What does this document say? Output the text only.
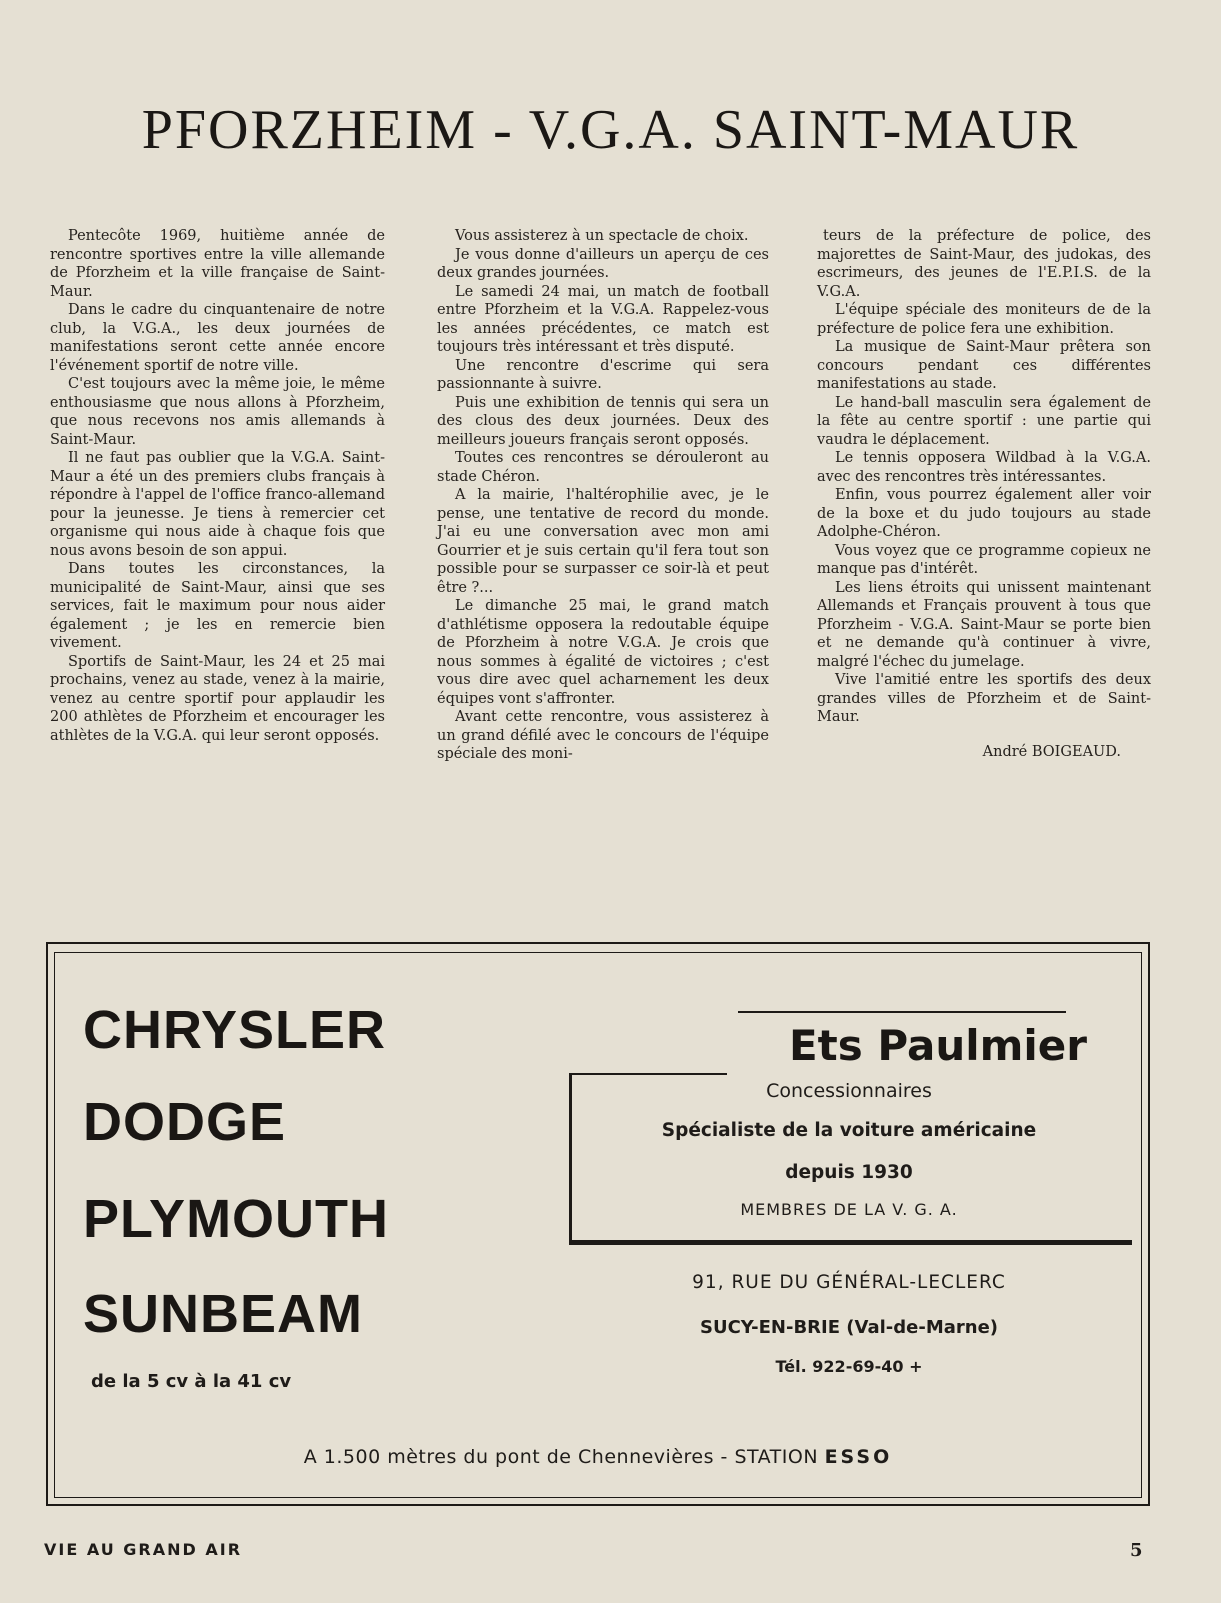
PFORZHEIM - V.G.A. SAINT-MAUR

Pentecôte 1969, huitième année de rencontre sportives entre la ville allemande de Pforzheim et la ville française de Saint-Maur.

Dans le cadre du cinquantenaire de notre club, la V.G.A., les deux journées de manifestations seront cette année encore l'événement sportif de notre ville.

C'est toujours avec la même joie, le même enthousiasme que nous allons à Pforzheim, que nous recevons nos amis allemands à Saint-Maur.

Il ne faut pas oublier que la V.G.A. Saint-Maur a été un des premiers clubs français à répondre à l'appel de l'office franco-allemand pour la jeunesse. Je tiens à remercier cet organisme qui nous aide à chaque fois que nous avons besoin de son appui.

Dans toutes les circonstances, la municipalité de Saint-Maur, ainsi que ses services, fait le maximum pour nous aider également ; je les en remercie bien vivement.

Sportifs de Saint-Maur, les 24 et 25 mai prochains, venez au stade, venez à la mairie, venez au centre sportif pour applaudir les 200 athlètes de Pforzheim et encourager les athlètes de la V.G.A. qui leur seront opposés.

Vous assisterez à un spectacle de choix.

Je vous donne d'ailleurs un aperçu de ces deux grandes journées.

Le samedi 24 mai, un match de football entre Pforzheim et la V.G.A. Rappelez-vous les années précédentes, ce match est toujours très intéressant et très disputé.

Une rencontre d'escrime qui sera passionnante à suivre.

Puis une exhibition de tennis qui sera un des clous des deux journées. Deux des meilleurs joueurs français seront opposés.

Toutes ces rencontres se dérouleront au stade Chéron.

A la mairie, l'haltérophilie avec, je le pense, une tentative de record du monde. J'ai eu une conversation avec mon ami Gourrier et je suis certain qu'il fera tout son possible pour se surpasser ce soir-là et peut être ?...

Le dimanche 25 mai, le grand match d'athlétisme opposera la redoutable équipe de Pforzheim à notre V.G.A. Je crois que nous sommes à égalité de victoires ; c'est vous dire avec quel acharnement les deux équipes vont s'affronter.

Avant cette rencontre, vous assisterez à un grand défilé avec le concours de l'équipe spéciale des moni-

teurs de la préfecture de police, des majorettes de Saint-Maur, des judokas, des escrimeurs, des jeunes de l'E.P.I.S. de la V.G.A.

L'équipe spéciale des moniteurs de de la préfecture de police fera une exhibition.

La musique de Saint-Maur prêtera son concours pendant ces différentes manifestations au stade.

Le hand-ball masculin sera également de la fête au centre sportif : une partie qui vaudra le déplacement.

Le tennis opposera Wildbad à la V.G.A. avec des rencontres très intéressantes.

Enfin, vous pourrez également aller voir de la boxe et du judo toujours au stade Adolphe-Chéron.

Vous voyez que ce programme copieux ne manque pas d'intérêt.

Les liens étroits qui unissent maintenant Allemands et Français prouvent à tous que Pforzheim - V.G.A. Saint-Maur se porte bien et ne demande qu'à continuer à vivre, malgré l'échec du jumelage.

Vive l'amitié entre les sportifs des deux grandes villes de Pforzheim et de Saint-Maur.

André BOIGEAUD.

CHRYSLER
DODGE
PLYMOUTH
SUNBEAM
de la 5 cv à la 41 cv
Ets Paulmier
Concessionnaires
Spécialiste de la voiture américaine
depuis 1930
MEMBRES DE LA V. G. A.
91, RUE DU GÉNÉRAL-LECLERC
SUCY-EN-BRIE (Val-de-Marne)
Tél. 922-69-40 +
A 1.500 mètres du pont de Chennevières - STATION ESSO
VIE AU GRAND AIR	5
